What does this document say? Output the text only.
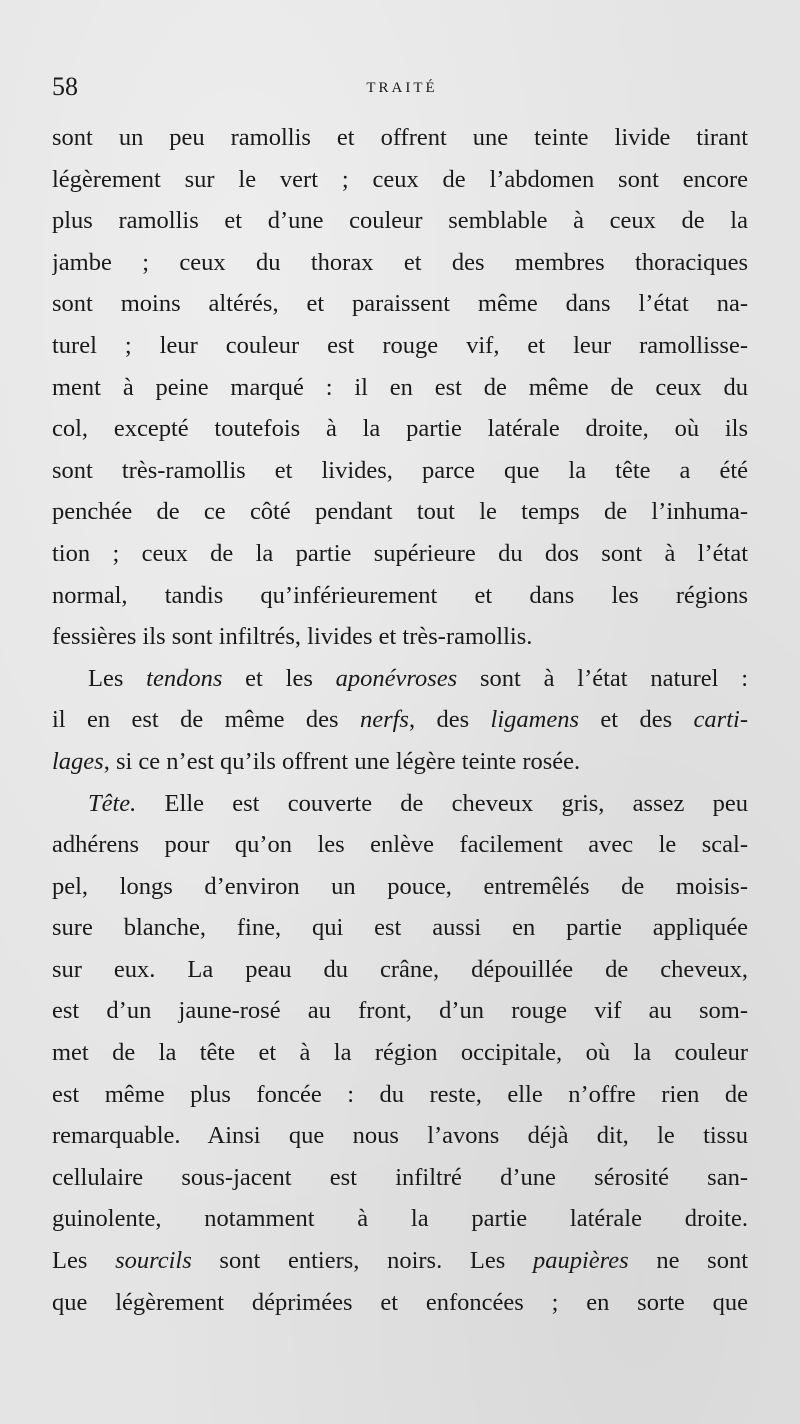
58	TRAITÉ
sont un peu ramollis et offrent une teinte livide tirant
légèrement sur le vert ; ceux de l’abdomen sont encore
plus ramollis et d’une couleur semblable à ceux de la
jambe ; ceux du thorax et des membres thoraciques
sont moins altérés, et paraissent même dans l’état na-
turel ; leur couleur est rouge vif, et leur ramollisse-
ment à peine marqué : il en est de même de ceux du
col, excepté toutefois à la partie latérale droite, où ils
sont très-ramollis et livides, parce que la tête a été
penchée de ce côté pendant tout le temps de l’inhuma-
tion ; ceux de la partie supérieure du dos sont à l’état
normal, tandis qu’inférieurement et dans les régions
fessières ils sont infiltrés, livides et très-ramollis.
Les tendons et les aponévroses sont à l’état naturel :
il en est de même des nerfs, des ligamens et des carti-
lages, si ce n’est qu’ils offrent une légère teinte rosée.
Tête. Elle est couverte de cheveux gris, assez peu
adhérens pour qu’on les enlève facilement avec le scal-
pel, longs d’environ un pouce, entremêlés de moisis-
sure blanche, fine, qui est aussi en partie appliquée
sur eux. La peau du crâne, dépouillée de cheveux,
est d’un jaune-rosé au front, d’un rouge vif au som-
met de la tête et à la région occipitale, où la couleur
est même plus foncée : du reste, elle n’offre rien de
remarquable. Ainsi que nous l’avons déjà dit, le tissu
cellulaire sous-jacent est infiltré d’une sérosité san-
guinolente, notamment à la partie latérale droite.
Les sourcils sont entiers, noirs. Les paupières ne sont
que légèrement déprimées et enfoncées ; en sorte que
